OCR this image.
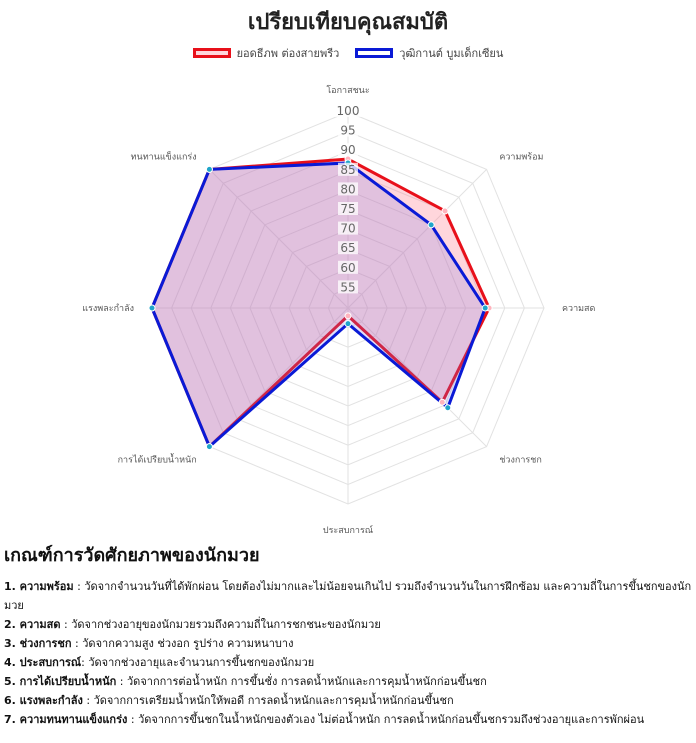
เปรียบเทียบคุณสมบัติ
ยอดธีภพ ต่องสายพรีว	วุฒิกานต์ บูมเด็กเซียน
55
60
65
70
75
80
85
90
95
100
โอกาสชนะ
ความพร้อม
ความสด
ช่วงการชก
ประสบการณ์
การได้เปรียบน้ำหนัก
แรงพละกำลัง
ทนทานแข็งแกร่ง
เกณฑ์การวัดศักยภาพของนักมวย

1. ความพร้อม : วัดจากจำนวนวันที่ได้พักผ่อน โดยต้องไม่มากและไม่น้อยจนเกินไป รวมถึงจำนวนวันในการฝึกซ้อม และความถี่ในการขึ้นชกของนักมวย

2. ความสด : วัดจากช่วงอายุของนักมวยรวมถึงความถี่ในการชกชนะของนักมวย

3. ช่วงการชก : วัดจากความสูง ช่วงอก รูปร่าง ความหนาบาง

4. ประสบการณ์: วัดจากช่วงอายุและจำนวนการขึ้นชกของนักมวย

5. การได้เปรียบน้ำหนัก : วัดจากการต่อน้ำหนัก การขึ้นชั่ง การลดน้ำหนักและการคุมน้ำหนักก่อนขึ้นชก

6. แรงพละกำลัง : วัดจากการเตรียมน้ำหนักให้พอดี การลดน้ำหนักและการคุมน้ำหนักก่อนขึ้นชก

7. ความทนทานแข็งแกร่ง : วัดจากการขึ้นชกในน้ำหนักของตัวเอง ไม่ต่อน้ำหนัก การลดน้ำหนักก่อนขึ้นชกรวมถึงช่วงอายุและการพักผ่อน
